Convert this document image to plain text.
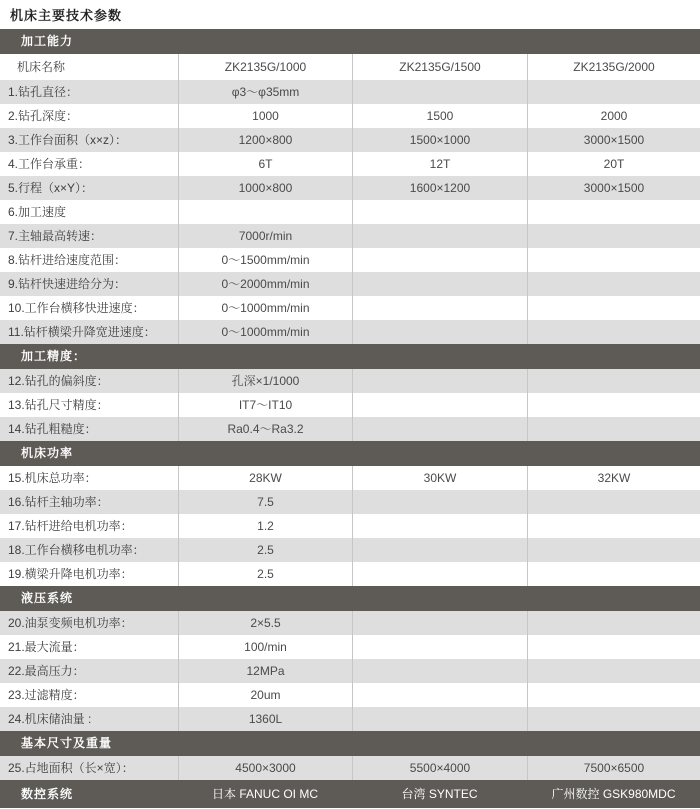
机床主要技术参数
加工能力
机床名称	ZK2135G/1000	ZK2135G/1500	ZK2135G/2000
1.钻孔直径：	φ3～φ35mm
2.钻孔深度：	1000	1500	2000
3.工作台面积（x×z）：	1200×800	1500×1000	3000×1500
4.工作台承重：	6T	12T	20T
5.行程（x×Y）：	1000×800	1600×1200	3000×1500
6.加工速度
7.主轴最高转速：	7000r/min
8.钻杆进给速度范围：	0～1500mm/min
9.钻杆快速进给分为：	0～2000mm/min
10.工作台横移快进速度：	0～1000mm/min
11.钻杆横梁升降宽进速度：	0～1000mm/min
加工精度：
12.钻孔的偏斜度：	孔深×1/1000
13.钻孔尺寸精度：	IT7～IT10
14.钻孔粗糙度：	Ra0.4～Ra3.2
机床功率
15.机床总功率：	28KW	30KW	32KW
16.钻杆主轴功率：	7.5
17.钻杆进给电机功率：	1.2
18.工作台横移电机功率：	2.5
19.横梁升降电机功率：	2.5
液压系统
20.油泵变频电机功率：	2×5.5
21.最大流量：	100/min
22.最高压力：	12MPa
23.过滤精度：	20um
24.机床储油量 :	1360L
基本尺寸及重量
25.占地面积（长×宽）：	4500×3000	5500×4000	7500×6500
数控系统	日本 FANUC OI MC	台湾 SYNTEC	广州数控 GSK980MDC
